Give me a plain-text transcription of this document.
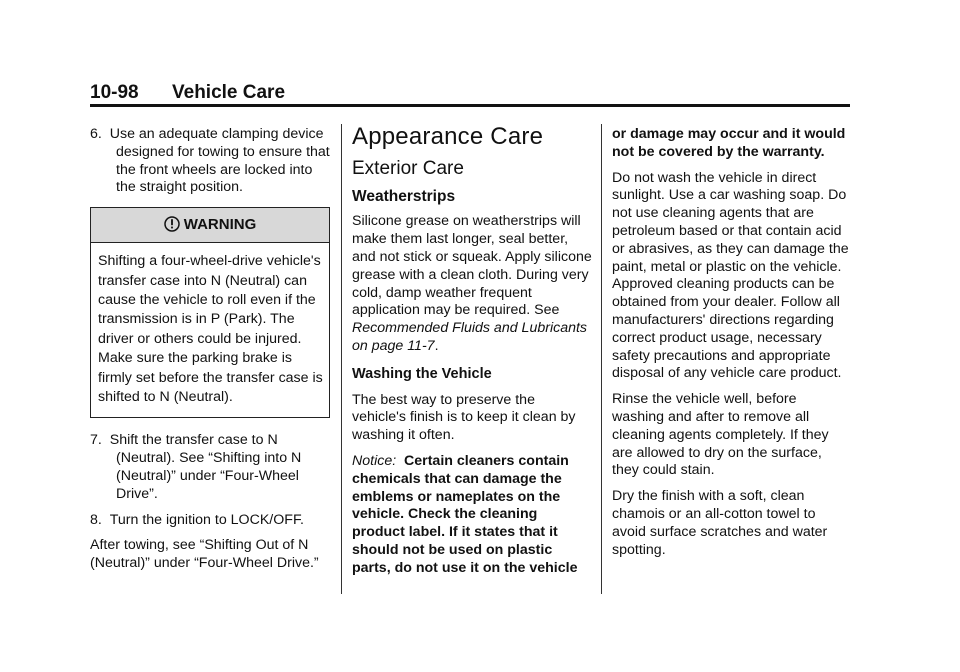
10-98 Vehicle Care

6. Use an adequate clamping device designed for towing to ensure that the front wheels are locked into the straight position.

WARNING
Shifting a four-wheel-drive vehicle's transfer case into N (Neutral) can cause the vehicle to roll even if the transmission is in P (Park). The driver or others could be injured. Make sure the parking brake is firmly set before the transfer case is shifted to N (Neutral).

7. Shift the transfer case to N (Neutral). See “Shifting into N (Neutral)” under “Four-Wheel Drive”.

8. Turn the ignition to LOCK/OFF.

After towing, see “Shifting Out of N (Neutral)” under “Four-Wheel Drive.”

Appearance Care
Exterior Care
Weatherstrips

Silicone grease on weatherstrips will make them last longer, seal better, and not stick or squeak. Apply silicone grease with a clean cloth. During very cold, damp weather frequent application may be required. See Recommended Fluids and Lubricants on page 11-7.

Washing the Vehicle

The best way to preserve the vehicle's finish is to keep it clean by washing it often.

Notice: Certain cleaners contain chemicals that can damage the emblems or nameplates on the vehicle. Check the cleaning product label. If it states that it should not be used on plastic parts, do not use it on the vehicle

or damage may occur and it would not be covered by the warranty.

Do not wash the vehicle in direct sunlight. Use a car washing soap. Do not use cleaning agents that are petroleum based or that contain acid or abrasives, as they can damage the paint, metal or plastic on the vehicle. Approved cleaning products can be obtained from your dealer. Follow all manufacturers' directions regarding correct product usage, necessary safety precautions and appropriate disposal of any vehicle care product.

Rinse the vehicle well, before washing and after to remove all cleaning agents completely. If they are allowed to dry on the surface, they could stain.

Dry the finish with a soft, clean chamois or an all-cotton towel to avoid surface scratches and water spotting.
